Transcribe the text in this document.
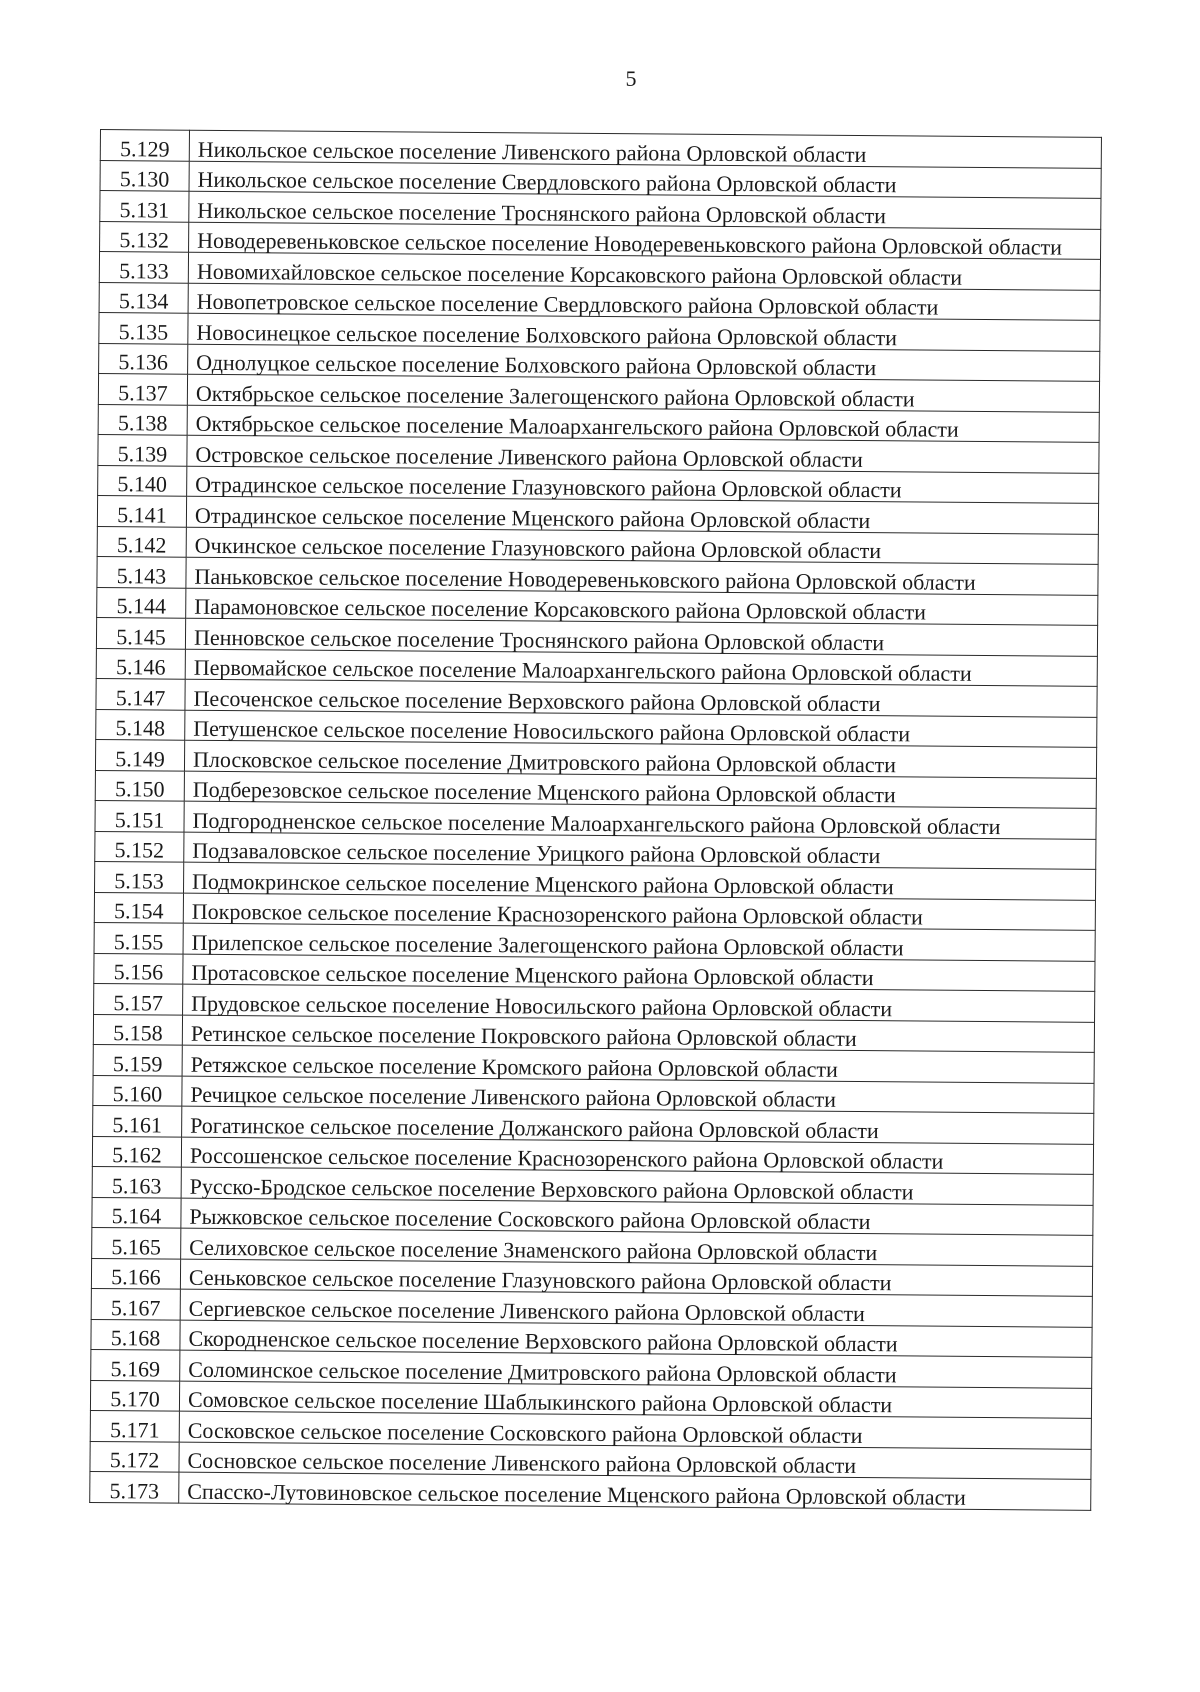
5
5.129	Никольское сельское поселение Ливенского района Орловской области
5.130	Никольское сельское поселение Свердловского района Орловской области
5.131	Никольское сельское поселение Троснянского района Орловской области
5.132	Новодеревеньковское сельское поселение Новодеревеньковского района Орловской области
5.133	Новомихайловское сельское поселение Корсаковского района Орловской области
5.134	Новопетровское сельское поселение Свердловского района Орловской области
5.135	Новосинецкое сельское поселение Болховского района Орловской области
5.136	Однолуцкое сельское поселение Болховского района Орловской области
5.137	Октябрьское сельское поселение Залегощенского района Орловской области
5.138	Октябрьское сельское поселение Малоархангельского района Орловской области
5.139	Островское сельское поселение Ливенского района Орловской области
5.140	Отрадинское сельское поселение Глазуновского района Орловской области
5.141	Отрадинское сельское поселение Мценского района Орловской области
5.142	Очкинское сельское поселение Глазуновского района Орловской области
5.143	Паньковское сельское поселение Новодеревеньковского района Орловской области
5.144	Парамоновское сельское поселение Корсаковского района Орловской области
5.145	Пенновское сельское поселение Троснянского района Орловской области
5.146	Первомайское сельское поселение Малоархангельского района Орловской области
5.147	Песоченское сельское поселение Верховского района Орловской области
5.148	Петушенское сельское поселение Новосильского района Орловской области
5.149	Плосковское сельское поселение Дмитровского района Орловской области
5.150	Подберезовское сельское поселение Мценского района Орловской области
5.151	Подгородненское сельское поселение Малоархангельского района Орловской области
5.152	Подзаваловское сельское поселение Урицкого района Орловской области
5.153	Подмокринское сельское поселение Мценского района Орловской области
5.154	Покровское сельское поселение Краснозоренского района Орловской области
5.155	Прилепское сельское поселение Залегощенского района Орловской области
5.156	Протасовское сельское поселение Мценского района Орловской области
5.157	Прудовское сельское поселение Новосильского района Орловской области
5.158	Ретинское сельское поселение Покровского района Орловской области
5.159	Ретяжское сельское поселение Кромского района Орловской области
5.160	Речицкое сельское поселение Ливенского района Орловской области
5.161	Рогатинское сельское поселение Должанского района Орловской области
5.162	Россошенское сельское поселение Краснозоренского района Орловской области
5.163	Русско-Бродское сельское поселение Верховского района Орловской области
5.164	Рыжковское сельское поселение Сосковского района Орловской области
5.165	Селиховское сельское поселение Знаменского района Орловской области
5.166	Сеньковское сельское поселение Глазуновского района Орловской области
5.167	Сергиевское сельское поселение Ливенского района Орловской области
5.168	Скородненское сельское поселение Верховского района Орловской области
5.169	Соломинское сельское поселение Дмитровского района Орловской области
5.170	Сомовское сельское поселение Шаблыкинского района Орловской области
5.171	Сосковское сельское поселение Сосковского района Орловской области
5.172	Сосновское сельское поселение Ливенского района Орловской области
5.173	Спасско-Лутовиновское сельское поселение Мценского района Орловской области
